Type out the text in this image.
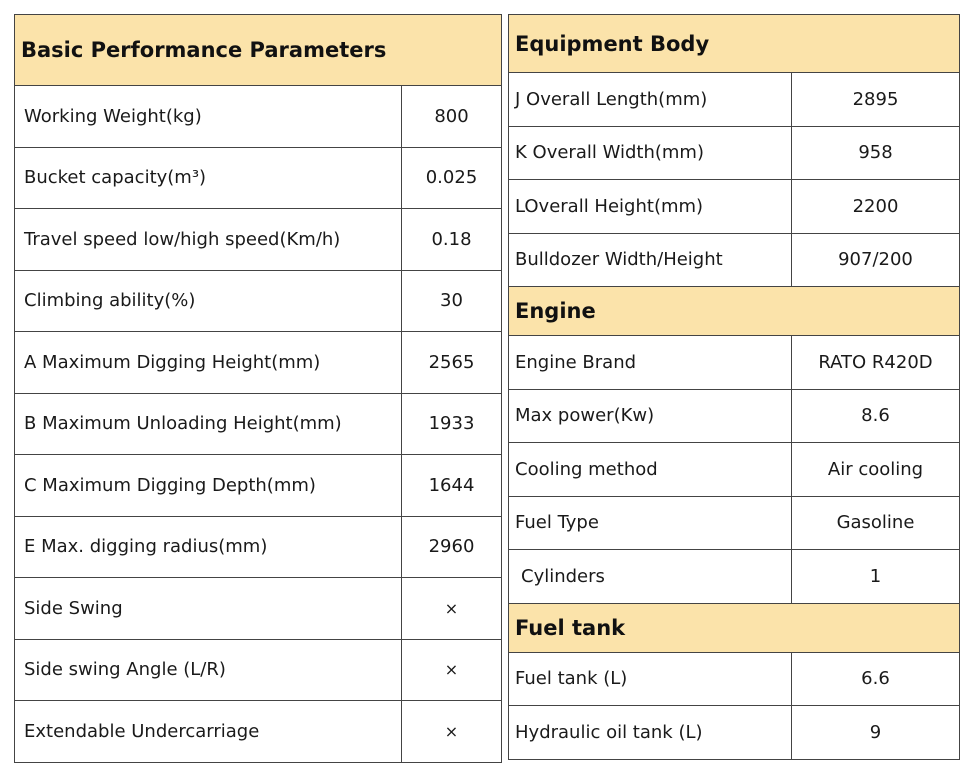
Basic Performance Parameters
Working Weight(kg)	800
Bucket capacity(m³)	0.025
Travel speed low/high speed(Km/h)	0.18
Climbing ability(%)	30
A Maximum Digging Height(mm)	2565
B Maximum Unloading Height(mm)	1933
C Maximum Digging Depth(mm)	1644
E Max. digging radius(mm)	2960
Side Swing	×
Side swing Angle (L/R)	×
Extendable Undercarriage	×
Equipment Body
J Overall Length(mm)	2895
K Overall Width(mm)	958
LOverall Height(mm)	2200
Bulldozer Width/Height	907/200
Engine
Engine Brand	RATO R420D
Max power(Kw)	8.6
Cooling method	Air cooling
Fuel Type	Gasoline
Cylinders	1
Fuel tank
Fuel tank (L)	6.6
Hydraulic oil tank (L)	9
